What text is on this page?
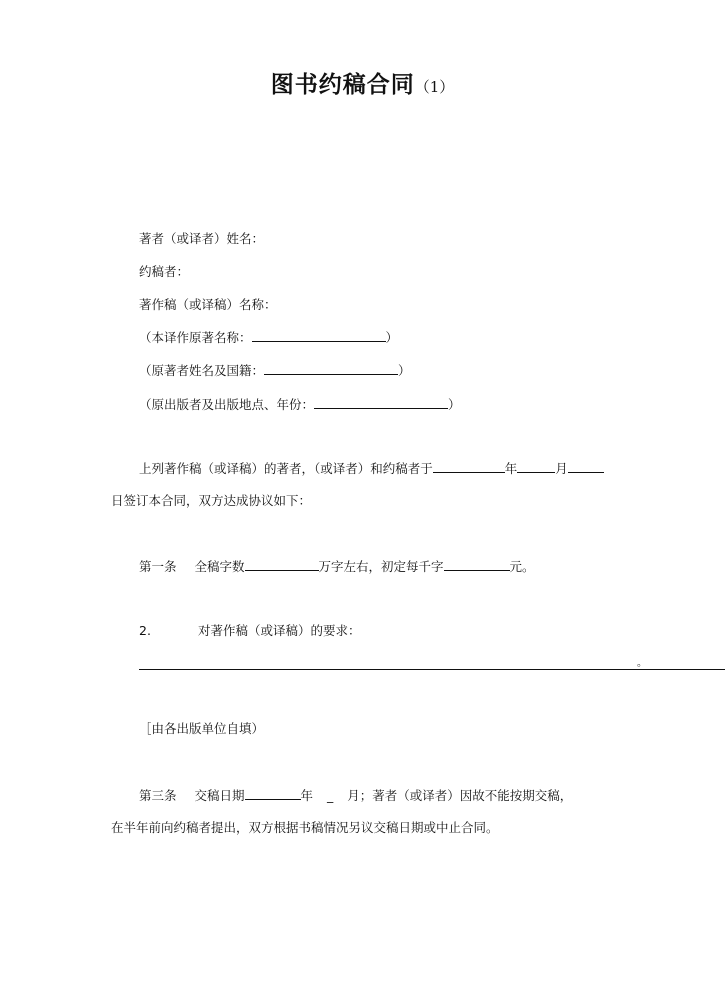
图书约稿合同（1）
著者（或译者）姓名：
约稿者：
著作稿（或译稿）名称：
（本译作原著名称：	）
（原著者姓名及国籍：	）
（原出版者及出版地点、年份：	）
上列著作稿（或译稿）的著者，（或译者）和约稿者于	年	月
日签订本合同，双方达成协议如下：
第一条 全稿字数	万字左右，初定每千字	元。
2.	对著作稿（或译稿）的要求：
。
［由各出版单位自填）
第三条 交稿日期	年 _ 月；著者（或译者）因故不能按期交稿，
在半年前向约稿者提出，双方根据书稿情况另议交稿日期或中止合同。
